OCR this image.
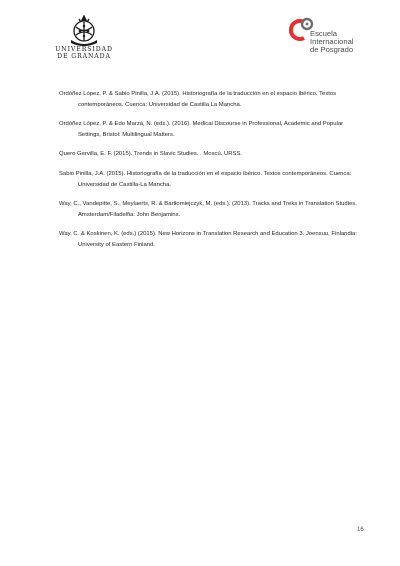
UNIVERSIDAD
DE GRANADA
Escuela
Internacional
de Posgrado

Ordóñez López, P. & Sabio Pinilla, J.A. (2015). Historiografía de la traducción en el espacio ibérico. Textos contemporáneos. Cuenca: Universidad de Castilla La Mancha.

Ordóñez López, P. & Edo Marzá, N. (eds.). (2016). Medical Discourse in Professional, Academic and Popular Settings, Bristol: Multilingual Matters.

Quero Gervilla, E. F. (2015). Trends in Slavic Studies. . Moscú. URSS.

Sabio Pinilla, J.A. (2015). Historiografía de la traducción en el espacio ibérico. Textos contemporáneos. Cuenca: Universidad de Castilla-La Mancha.

Way, C., Vandepitte, S., Meylaerts, R. & Bartłomiejczyk, M. (eds.). (2013). Tracks and Treks in Translation Studies. Amsterdam/Filadelfia: John Benjamins.

Way, C. & Koskinen, K. (eds.) (2015). New Horizons in Translation Research and Education 3. Joensuu, Finlandia: University of Eastern Finland.

16
